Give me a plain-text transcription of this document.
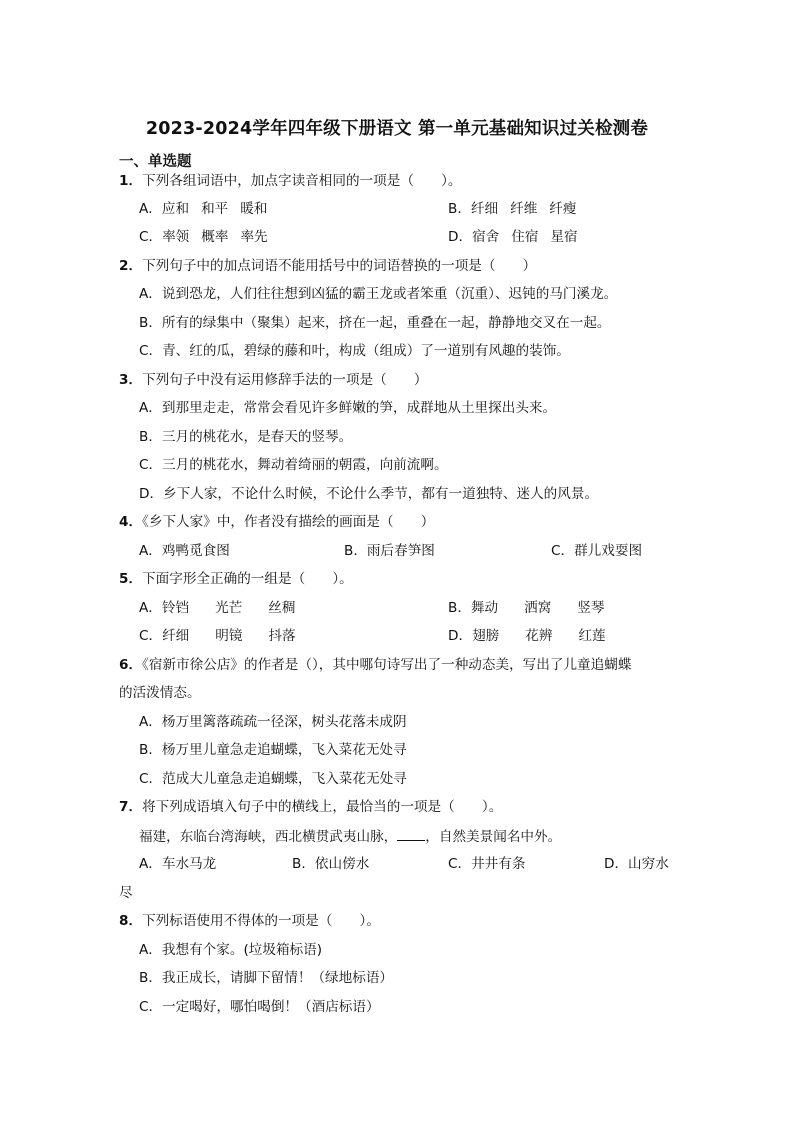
2023-2024学年四年级下册语文 第一单元基础知识过关检测卷
一、单选题
1．下列各组词语中，加点字读音相同的一项是（　　）。
A．应和 和平 暖和	B．纤细 纤维 纤瘦
C．率领 概率 率先	D．宿舍 住宿 星宿
2．下列句子中的加点词语不能用括号中的词语替换的一项是（　　）
A．说到恐龙，人们往往想到凶猛的霸王龙或者笨重（沉重）、迟钝的马门溪龙。
B．所有的绿集中（聚集）起来，挤在一起，重叠在一起，静静地交叉在一起。
C．青、红的瓜，碧绿的藤和叶，构成（组成）了一道别有风趣的装饰。
3．下列句子中没有运用修辞手法的一项是（　　）
A．到那里走走，常常会看见许多鲜嫩的笋，成群地从土里探出头来。
B．三月的桃花水，是春天的竖琴。
C．三月的桃花水，舞动着绮丽的朝霞，向前流啊。
D．乡下人家，不论什么时候，不论什么季节，都有一道独特、迷人的风景。
4．《乡下人家》中，作者没有描绘的画面是（　　）
A．鸡鸭觅食图	B．雨后春笋图	C．群儿戏耍图
5．下面字形全正确的一组是（　　）。
A．铃铛 光芒 丝稠	B．舞动 洒窝 竖琴
C．纤细 明镜 抖落	D．翅膀 花辨 红莲
6．《宿新市徐公店》的作者是（），其中哪句诗写出了一种动态美，写出了儿童追蝴蝶
的活泼情态。
A．杨万里篱落疏疏一径深，树头花落未成阴
B．杨万里儿童急走追蝴蝶，飞入菜花无处寻
C．范成大儿童急走追蝴蝶，飞入菜花无处寻
7．将下列成语填入句子中的横线上，最恰当的一项是（　　）。
福建，东临台湾海峡，西北横贯武夷山脉， ，自然美景闻名中外。
A．车水马龙	B．依山傍水	C．井井有条	D．山穷水
尽
8．下列标语使用不得体的一项是（　　）。
A．我想有个家。(垃圾箱标语)
B．我正成长，请脚下留情！（绿地标语）
C．一定喝好，哪怕喝倒！（酒店标语）
